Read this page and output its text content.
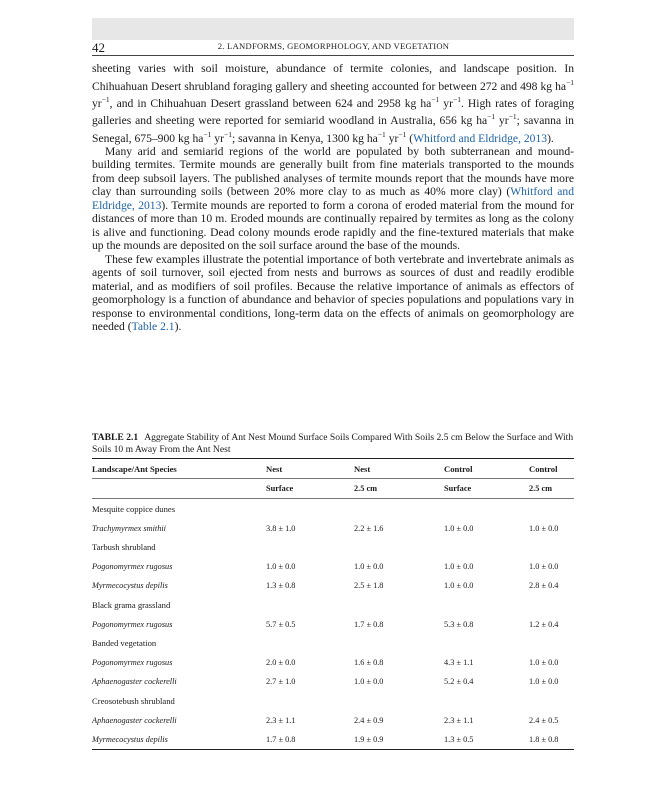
42	2. LANDFORMS, GEOMORPHOLOGY, AND VEGETATION

sheeting varies with soil moisture, abundance of termite colonies, and landscape position. In Chihuahuan Desert shrubland foraging gallery and sheeting accounted for between 272 and 498 kg $ha^{-1}$ $yr^{-1}$, and in Chihuahuan Desert grassland between 624 and 2958 kg $ha^{-1}$ $yr^{-1}$. High rates of foraging galleries and sheeting were reported for semiarid woodland in Australia, 656 kg $ha^{-1}$ $yr^{-1}$; savanna in Senegal, 675–900 kg $ha^{-1}$ $yr^{-1}$; savanna in Kenya, 1300 kg $ha^{-1}$ $yr^{-1}$ (Whitford and Eldridge, 2013).

Many arid and semiarid regions of the world are populated by both subterranean and mound-building termites. Termite mounds are generally built from fine materials transported to the mounds from deep subsoil layers. The published analyses of termite mounds report that the mounds have more clay than surrounding soils (between 20% more clay to as much as 40% more clay) (Whitford and Eldridge, 2013). Termite mounds are reported to form a corona of eroded material from the mound for distances of more than 10 m. Eroded mounds are continually repaired by termites as long as the colony is alive and functioning. Dead colony mounds erode rapidly and the fine-textured materials that make up the mounds are deposited on the soil surface around the base of the mounds.

These few examples illustrate the potential importance of both vertebrate and invertebrate animals as agents of soil turnover, soil ejected from nests and burrows as sources of dust and readily erodible material, and as modifiers of soil profiles. Because the relative importance of animals as effectors of geomorphology is a function of abundance and behavior of species populations and populations vary in response to environmental conditions, long-term data on the effects of animals on geomorphology are needed (Table 2.1).

TABLE 2.1 Aggregate Stability of Ant Nest Mound Surface Soils Compared With Soils 2.5 cm Below the Surface and With Soils 10 m Away From the Ant Nest
Landscape/Ant Species	Nest	Nest	Control	Control
	Surface	2.5 cm	Surface	2.5 cm
Mesquite coppice dunes				
Trachymyrmex smithii	3.8 ± 1.0	2.2 ± 1.6	1.0 ± 0.0	1.0 ± 0.0
Tarbush shrubland				
Pogonomyrmex rugosus	1.0 ± 0.0	1.0 ± 0.0	1.0 ± 0.0	1.0 ± 0.0
Myrmecocystus depilis	1.3 ± 0.8	2.5 ± 1.8	1.0 ± 0.0	2.8 ± 0.4
Black grama grassland				
Pogonomyrmex rugosus	5.7 ± 0.5	1.7 ± 0.8	5.3 ± 0.8	1.2 ± 0.4
Banded vegetation				
Pogonomyrmex rugosus	2.0 ± 0.0	1.6 ± 0.8	4.3 ± 1.1	1.0 ± 0.0
Aphaenogaster cockerelli	2.7 ± 1.0	1.0 ± 0.0	5.2 ± 0.4	1.0 ± 0.0
Creosotebush shrubland				
Aphaenogaster cockerelli	2.3 ± 1.1	2.4 ± 0.9	2.3 ± 1.1	2.4 ± 0.5
Myrmecocystus depilis	1.7 ± 0.8	1.9 ± 0.9	1.3 ± 0.5	1.8 ± 0.8
